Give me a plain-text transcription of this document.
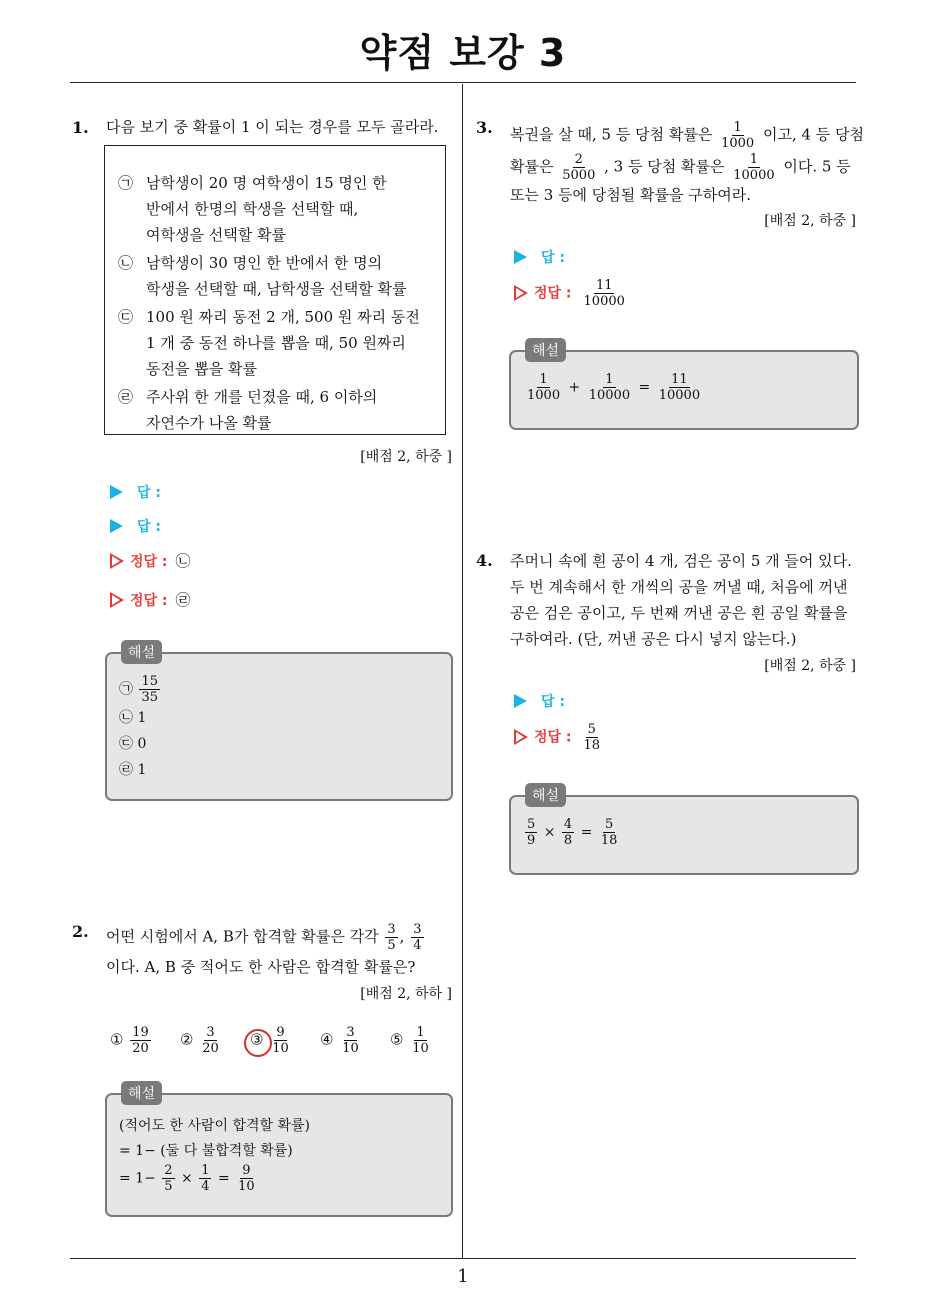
약점 보강 3
1
1. 다음 보기 중 확률이 1 이 되는 경우를 모두 골라라.
㉠ 남학생이 20 명 여학생이 15 명인 한
반에서 한명의 학생을 선택할 때,
여학생을 선택할 확률
㉡ 남학생이 30 명인 한 반에서 한 명의
학생을 선택할 때, 남학생을 선택할 확률
㉢ 100 원 짜리 동전 2 개, 500 원 짜리 동전
1 개 중 동전 하나를 뽑을 때, 50 원짜리
동전을 뽑을 확률
㉣ 주사위 한 개를 던졌을 때, 6 이하의
자연수가 나올 확률
[배점 2, 하중 ]
답 :
답 :
정답 : ㉡
정답 : ㉣
해설
㉠ $\frac{15}{35}$
㉡ 1
㉢ 0
㉣ 1
2. 어떤 시험에서 A, B가 합격할 확률은 각각 $\frac{3}{5}$ , $\frac{3}{4}$
이다. A, B 중 적어도 한 사람은 합격할 확률은?
[배점 2, 하하 ]
① $\frac{19}{20}$ ② $\frac{3}{20}$ ③ $\frac{9}{10}$ ④ $\frac{3}{10}$ ⑤ $\frac{1}{10}$
해설
(적어도 한 사람이 합격할 확률)
= 1− (둘 다 불합격할 확률)
= $1- \frac{2}{5} \times \frac{1}{4} = \frac{9}{10}$
3. 복권을 살 때, 5 등 당첨 확률은 $\frac{1}{1000}$ 이고, 4 등 당첨
확률은 $\frac{2}{5000}$ , 3 등 당첨 확률은 $\frac{1}{10000}$ 이다. 5 등
또는 3 등에 당첨될 확률을 구하여라.
[배점 2, 하중 ]
답 :
정답 : $\frac{11}{10000}$
해설
$\frac{1}{1000} + \frac{1}{10000} = \frac{11}{10000}$
4. 주머니 속에 흰 공이 4 개, 검은 공이 5 개 들어 있다.
두 번 계속해서 한 개씩의 공을 꺼낼 때, 처음에 꺼낸
공은 검은 공이고, 두 번째 꺼낸 공은 흰 공일 확률을
구하여라. (단, 꺼낸 공은 다시 넣지 않는다.)
[배점 2, 하중 ]
답 :
정답 : $\frac{5}{18}$
해설
$\frac{5}{9} \times \frac{4}{8} = \frac{5}{18}$
